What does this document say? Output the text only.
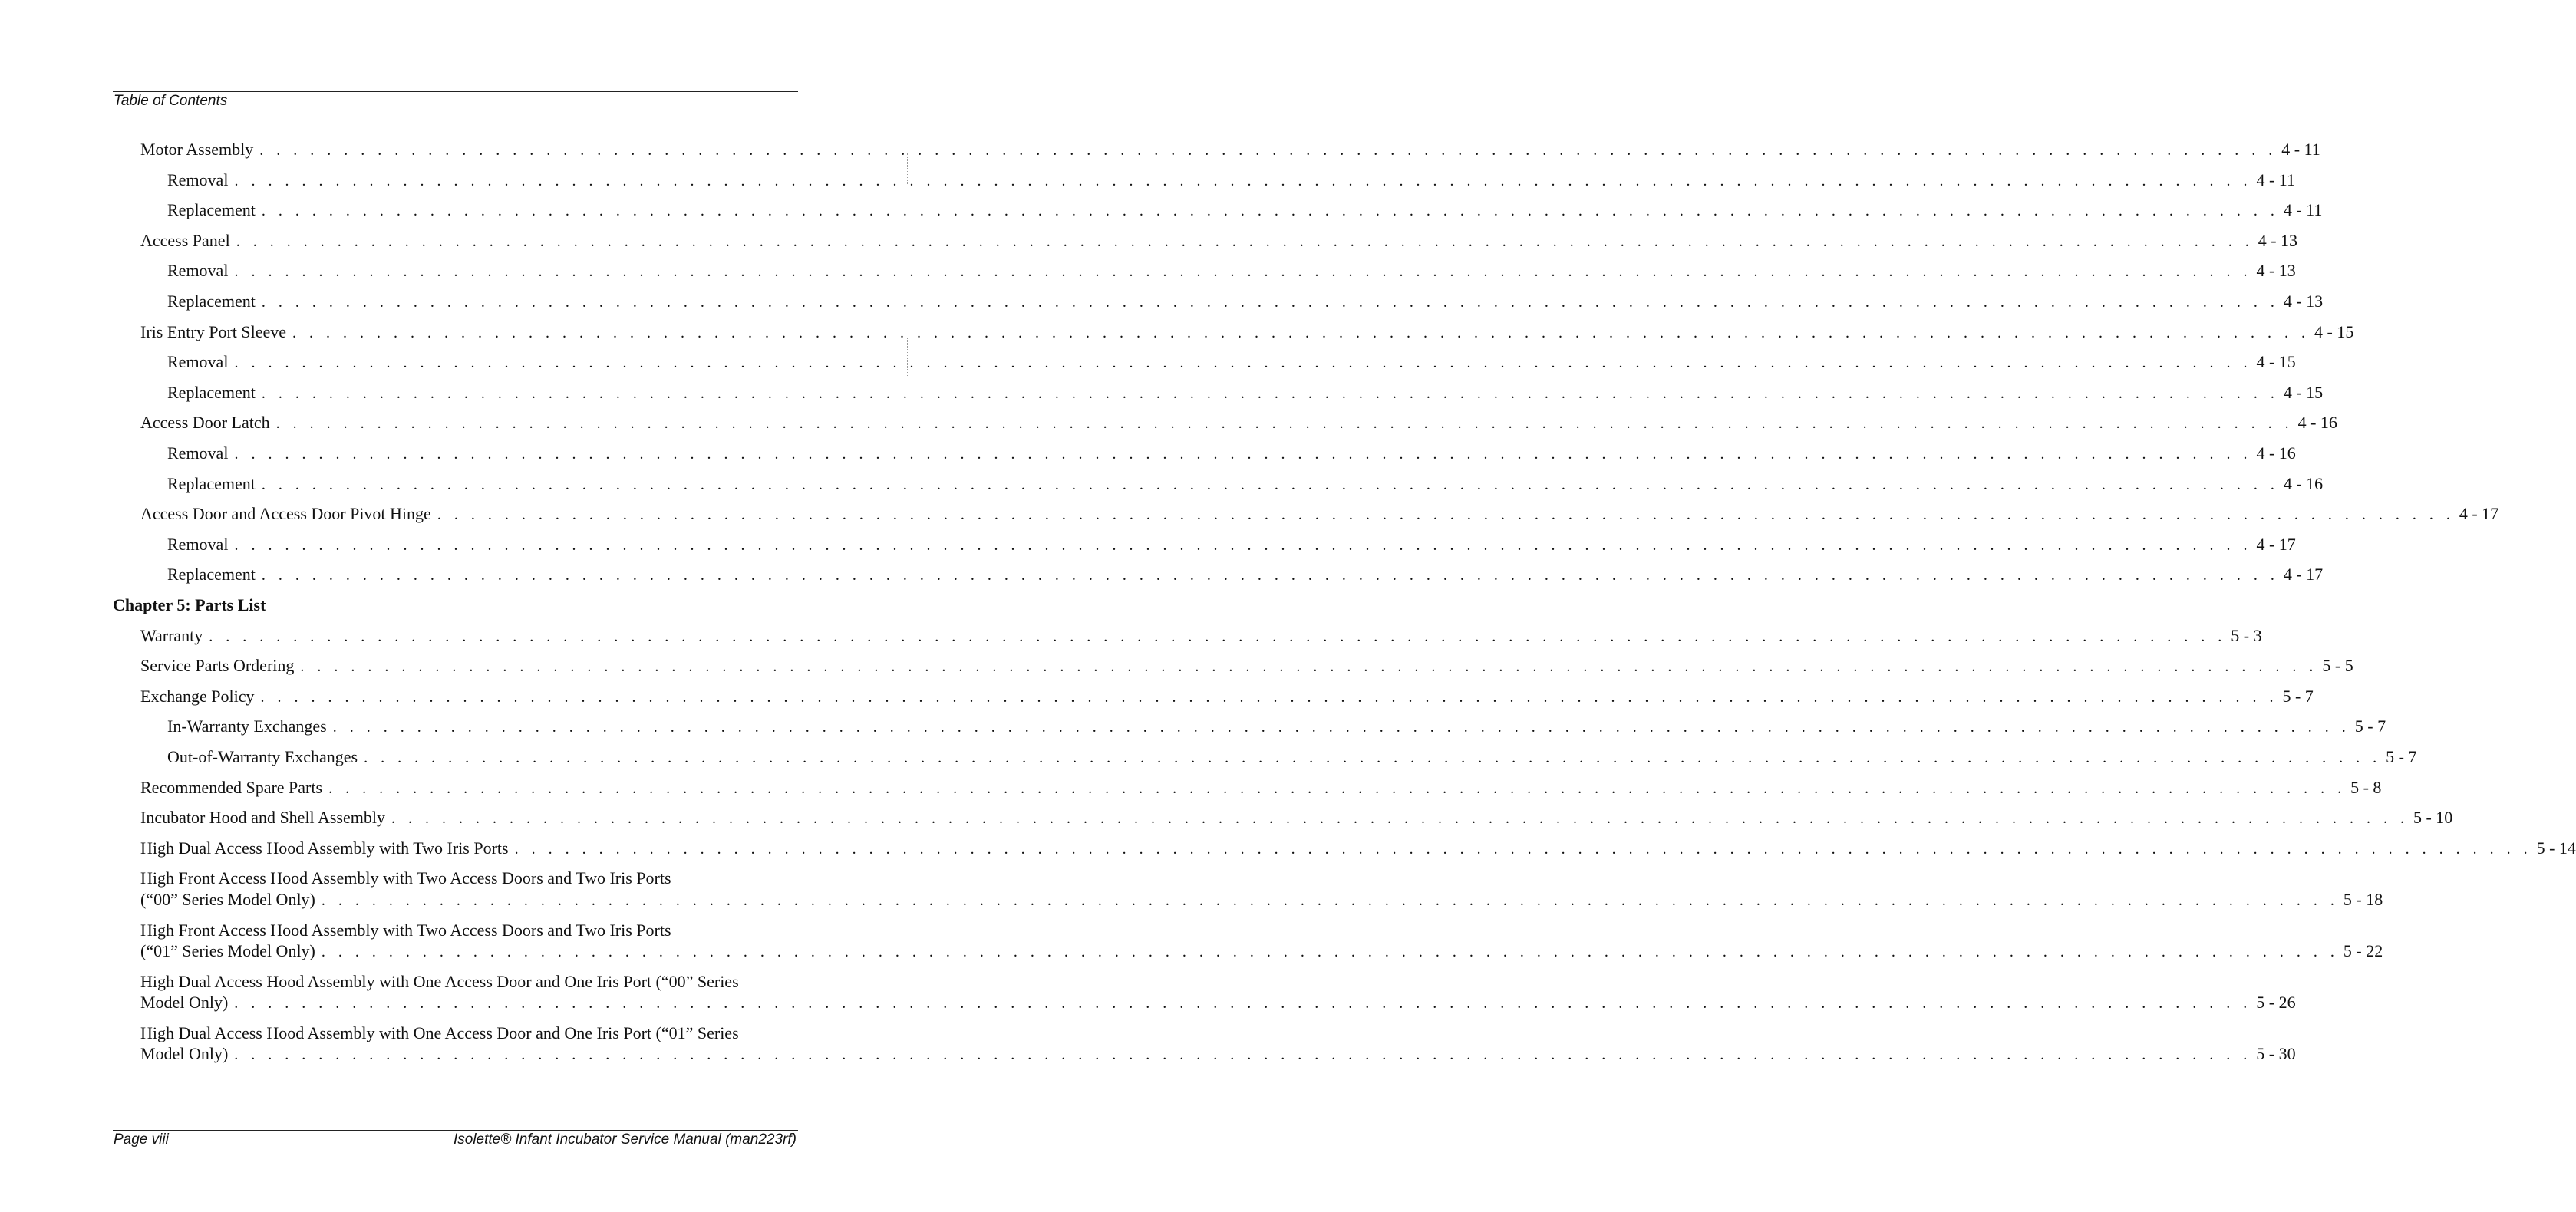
Table of Contents
Motor Assembly . . . . . . . . . . . . . . . . . . . . . . . . . . . . . . . . . . . . . . . . . . . . . . . . . . . . . . . . . . . . . . . . . . . . . . . . . . . . . . . . . . . . . . . . . . . . . . . . . . . . . . . . . . . . . . . . . . . . . . . . 4 - 11
Removal . . . . . . . . . . . . . . . . . . . . . . . . . . . . . . . . . . . . . . . . . . . . . . . . . . . . . . . . . . . . . . . . . . . . . . . . . . . . . . . . . . . . . . . . . . . . . . . . . . . . . . . . . . . . . . . . . . . . . . . . 4 - 11
Replacement . . . . . . . . . . . . . . . . . . . . . . . . . . . . . . . . . . . . . . . . . . . . . . . . . . . . . . . . . . . . . . . . . . . . . . . . . . . . . . . . . . . . . . . . . . . . . . . . . . . . . . . . . . . . . . . . . . . . . . . . 4 - 11
Access Panel . . . . . . . . . . . . . . . . . . . . . . . . . . . . . . . . . . . . . . . . . . . . . . . . . . . . . . . . . . . . . . . . . . . . . . . . . . . . . . . . . . . . . . . . . . . . . . . . . . . . . . . . . . . . . . . . . . . . . . . . 4 - 13
Removal . . . . . . . . . . . . . . . . . . . . . . . . . . . . . . . . . . . . . . . . . . . . . . . . . . . . . . . . . . . . . . . . . . . . . . . . . . . . . . . . . . . . . . . . . . . . . . . . . . . . . . . . . . . . . . . . . . . . . . . . 4 - 13
Replacement . . . . . . . . . . . . . . . . . . . . . . . . . . . . . . . . . . . . . . . . . . . . . . . . . . . . . . . . . . . . . . . . . . . . . . . . . . . . . . . . . . . . . . . . . . . . . . . . . . . . . . . . . . . . . . . . . . . . . . . . 4 - 13
Iris Entry Port Sleeve . . . . . . . . . . . . . . . . . . . . . . . . . . . . . . . . . . . . . . . . . . . . . . . . . . . . . . . . . . . . . . . . . . . . . . . . . . . . . . . . . . . . . . . . . . . . . . . . . . . . . . . . . . . . . . . . . . . . . . . . 4 - 15
Removal . . . . . . . . . . . . . . . . . . . . . . . . . . . . . . . . . . . . . . . . . . . . . . . . . . . . . . . . . . . . . . . . . . . . . . . . . . . . . . . . . . . . . . . . . . . . . . . . . . . . . . . . . . . . . . . . . . . . . . . . 4 - 15
Replacement . . . . . . . . . . . . . . . . . . . . . . . . . . . . . . . . . . . . . . . . . . . . . . . . . . . . . . . . . . . . . . . . . . . . . . . . . . . . . . . . . . . . . . . . . . . . . . . . . . . . . . . . . . . . . . . . . . . . . . . . 4 - 15
Access Door Latch . . . . . . . . . . . . . . . . . . . . . . . . . . . . . . . . . . . . . . . . . . . . . . . . . . . . . . . . . . . . . . . . . . . . . . . . . . . . . . . . . . . . . . . . . . . . . . . . . . . . . . . . . . . . . . . . . . . . . . . . 4 - 16
Removal . . . . . . . . . . . . . . . . . . . . . . . . . . . . . . . . . . . . . . . . . . . . . . . . . . . . . . . . . . . . . . . . . . . . . . . . . . . . . . . . . . . . . . . . . . . . . . . . . . . . . . . . . . . . . . . . . . . . . . . . 4 - 16
Replacement . . . . . . . . . . . . . . . . . . . . . . . . . . . . . . . . . . . . . . . . . . . . . . . . . . . . . . . . . . . . . . . . . . . . . . . . . . . . . . . . . . . . . . . . . . . . . . . . . . . . . . . . . . . . . . . . . . . . . . . . 4 - 16
Access Door and Access Door Pivot Hinge . . . . . . . . . . . . . . . . . . . . . . . . . . . . . . . . . . . . . . . . . . . . . . . . . . . . . . . . . . . . . . . . . . . . . . . . . . . . . . . . . . . . . . . . . . . . . . . . . . . . . . . . . . . . . . . . . . . . . . . . 4 - 17
Removal . . . . . . . . . . . . . . . . . . . . . . . . . . . . . . . . . . . . . . . . . . . . . . . . . . . . . . . . . . . . . . . . . . . . . . . . . . . . . . . . . . . . . . . . . . . . . . . . . . . . . . . . . . . . . . . . . . . . . . . . 4 - 17
Replacement . . . . . . . . . . . . . . . . . . . . . . . . . . . . . . . . . . . . . . . . . . . . . . . . . . . . . . . . . . . . . . . . . . . . . . . . . . . . . . . . . . . . . . . . . . . . . . . . . . . . . . . . . . . . . . . . . . . . . . . . 4 - 17
Chapter 5: Parts List
Warranty . . . . . . . . . . . . . . . . . . . . . . . . . . . . . . . . . . . . . . . . . . . . . . . . . . . . . . . . . . . . . . . . . . . . . . . . . . . . . . . . . . . . . . . . . . . . . . . . . . . . . . . . . . . . . . . . . . . . . . . . 5 - 3
Service Parts Ordering . . . . . . . . . . . . . . . . . . . . . . . . . . . . . . . . . . . . . . . . . . . . . . . . . . . . . . . . . . . . . . . . . . . . . . . . . . . . . . . . . . . . . . . . . . . . . . . . . . . . . . . . . . . . . . . . . . . . . . . . 5 - 5
Exchange Policy . . . . . . . . . . . . . . . . . . . . . . . . . . . . . . . . . . . . . . . . . . . . . . . . . . . . . . . . . . . . . . . . . . . . . . . . . . . . . . . . . . . . . . . . . . . . . . . . . . . . . . . . . . . . . . . . . . . . . . . . 5 - 7
In-Warranty Exchanges . . . . . . . . . . . . . . . . . . . . . . . . . . . . . . . . . . . . . . . . . . . . . . . . . . . . . . . . . . . . . . . . . . . . . . . . . . . . . . . . . . . . . . . . . . . . . . . . . . . . . . . . . . . . . . . . . . . . . . . . 5 - 7
Out-of-Warranty Exchanges . . . . . . . . . . . . . . . . . . . . . . . . . . . . . . . . . . . . . . . . . . . . . . . . . . . . . . . . . . . . . . . . . . . . . . . . . . . . . . . . . . . . . . . . . . . . . . . . . . . . . . . . . . . . . . . . . . . . . . . . 5 - 7
Recommended Spare Parts . . . . . . . . . . . . . . . . . . . . . . . . . . . . . . . . . . . . . . . . . . . . . . . . . . . . . . . . . . . . . . . . . . . . . . . . . . . . . . . . . . . . . . . . . . . . . . . . . . . . . . . . . . . . . . . . . . . . . . . . 5 - 8
Incubator Hood and Shell Assembly . . . . . . . . . . . . . . . . . . . . . . . . . . . . . . . . . . . . . . . . . . . . . . . . . . . . . . . . . . . . . . . . . . . . . . . . . . . . . . . . . . . . . . . . . . . . . . . . . . . . . . . . . . . . . . . . . . . . . . . . 5 - 10
High Dual Access Hood Assembly with Two Iris Ports . . . . . . . . . . . . . . . . . . . . . . . . . . . . . . . . . . . . . . . . . . . . . . . . . . . . . . . . . . . . . . . . . . . . . . . . . . . . . . . . . . . . . . . . . . . . . . . . . . . . . . . . . . . . . . . . . . . . . . . . 5 - 14
High Front Access Hood Assembly with Two Access Doors and Two Iris Ports
(“00” Series Model Only) . . . . . . . . . . . . . . . . . . . . . . . . . . . . . . . . . . . . . . . . . . . . . . . . . . . . . . . . . . . . . . . . . . . . . . . . . . . . . . . . . . . . . . . . . . . . . . . . . . . . . . . . . . . . . . . . . . . . . . . . 5 - 18
High Front Access Hood Assembly with Two Access Doors and Two Iris Ports
(“01” Series Model Only) . . . . . . . . . . . . . . . . . . . . . . . . . . . . . . . . . . . . . . . . . . . . . . . . . . . . . . . . . . . . . . . . . . . . . . . . . . . . . . . . . . . . . . . . . . . . . . . . . . . . . . . . . . . . . . . . . . . . . . . . 5 - 22
High Dual Access Hood Assembly with One Access Door and One Iris Port (“00” Series
Model Only) . . . . . . . . . . . . . . . . . . . . . . . . . . . . . . . . . . . . . . . . . . . . . . . . . . . . . . . . . . . . . . . . . . . . . . . . . . . . . . . . . . . . . . . . . . . . . . . . . . . . . . . . . . . . . . . . . . . . . . . . 5 - 26
High Dual Access Hood Assembly with One Access Door and One Iris Port (“01” Series
Model Only) . . . . . . . . . . . . . . . . . . . . . . . . . . . . . . . . . . . . . . . . . . . . . . . . . . . . . . . . . . . . . . . . . . . . . . . . . . . . . . . . . . . . . . . . . . . . . . . . . . . . . . . . . . . . . . . . . . . . . . . . 5 - 30
Page viii	Isolette® Infant Incubator Service Manual (man223rf)
